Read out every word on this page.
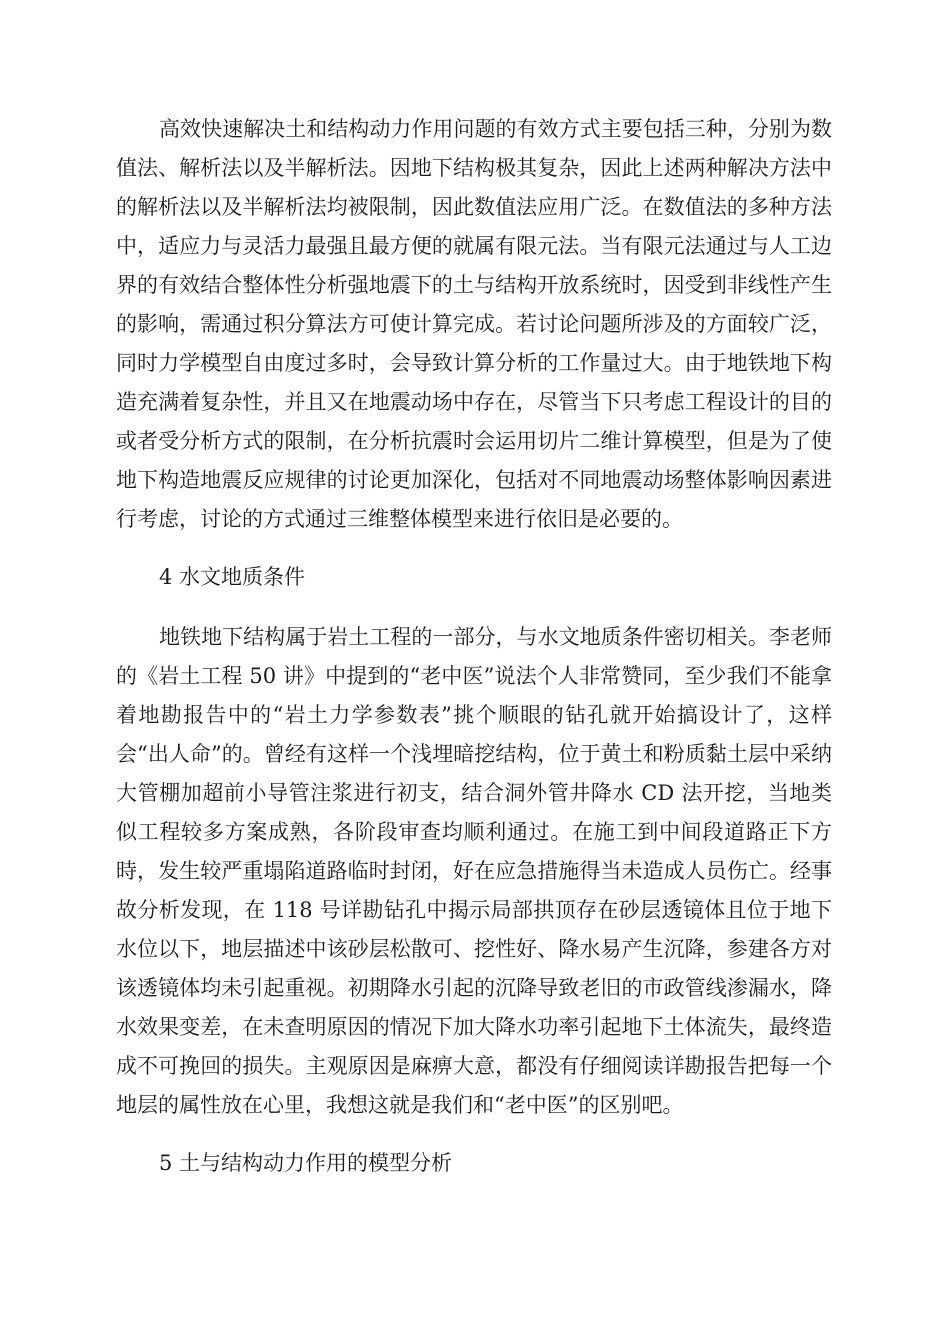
高效快速解决土和结构动力作用问题的有效方式主要包括三种，分别为数值法、解析法以及半解析法。因地下结构极其复杂，因此上述两种解决方法中的解析法以及半解析法均被限制，因此数值法应用广泛。在数值法的多种方法中，适应力与灵活力最强且最方便的就属有限元法。当有限元法通过与人工边界的有效结合整体性分析强地震下的土与结构开放系统时，因受到非线性产生的影响，需通过积分算法方可使计算完成。若讨论问题所涉及的方面较广泛，同时力学模型自由度过多时，会导致计算分析的工作量过大。由于地铁地下构造充满着复杂性，并且又在地震动场中存在，尽管当下只考虑工程设计的目的或者受分析方式的限制，在分析抗震时会运用切片二维计算模型，但是为了使地下构造地震反应规律的讨论更加深化，包括对不同地震动场整体影响因素进行考虑，讨论的方式通过三维整体模型来进行依旧是必要的。

4 水文地质条件

地铁地下结构属于岩土工程的一部分，与水文地质条件密切相关。李老师的《岩土工程 50 讲》中提到的“老中医”说法个人非常赞同，至少我们不能拿着地勘报告中的“岩土力学参数表”挑个顺眼的钻孔就开始搞设计了，这样会“出人命”的。曾经有这样一个浅埋暗挖结构，位于黄土和粉质黏土层中采纳大管棚加超前小导管注浆进行初支，结合洞外管井降水 CD 法开挖，当地类似工程较多方案成熟，各阶段审查均顺利通过。在施工到中间段道路正下方時，发生较严重塌陷道路临时封闭，好在应急措施得当未造成人员伤亡。经事故分析发现，在 118 号详勘钻孔中揭示局部拱顶存在砂层透镜体且位于地下水位以下，地层描述中该砂层松散可、挖性好、降水易产生沉降，参建各方对该透镜体均未引起重视。初期降水引起的沉降导致老旧的市政管线渗漏水，降水效果变差，在未查明原因的情况下加大降水功率引起地下土体流失，最终造成不可挽回的损失。主观原因是麻痹大意，都没有仔细阅读详勘报告把每一个地层的属性放在心里，我想这就是我们和“老中医”的区别吧。

5 土与结构动力作用的模型分析
